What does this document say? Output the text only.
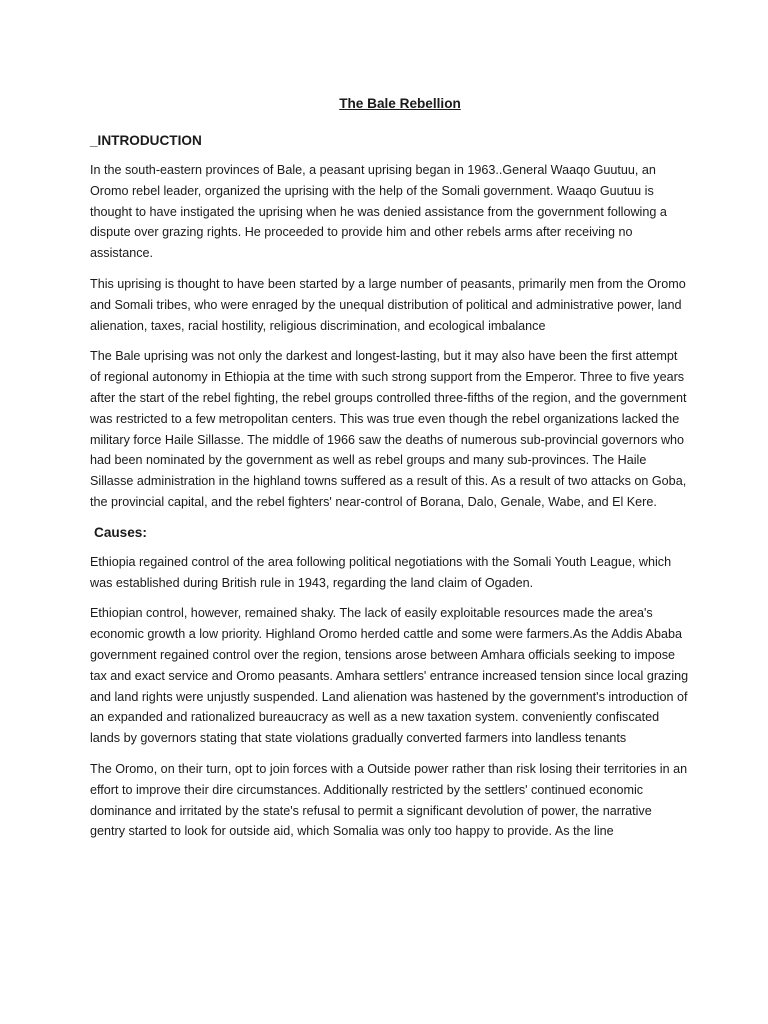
The Bale Rebellion
_INTRODUCTION

In the south-eastern provinces of Bale, a peasant uprising began in 1963..General Waaqo Guutuu, an Oromo rebel leader, organized the uprising with the help of the Somali government. Waaqo Guutuu is thought to have instigated the uprising when he was denied assistance from the government following a dispute over grazing rights. He proceeded to provide him and other rebels arms after receiving no assistance.

This uprising is thought to have been started by a large number of peasants, primarily men from the Oromo and Somali tribes, who were enraged by the unequal distribution of political and administrative power, land alienation, taxes, racial hostility, religious discrimination, and ecological imbalance

The Bale uprising was not only the darkest and longest-lasting, but it may also have been the first attempt of regional autonomy in Ethiopia at the time with such strong support from the Emperor. Three to five years after the start of the rebel fighting, the rebel groups controlled three-fifths of the region, and the government was restricted to a few metropolitan centers. This was true even though the rebel organizations lacked the military force Haile Sillasse. The middle of 1966 saw the deaths of numerous sub-provincial governors who had been nominated by the government as well as rebel groups and many sub-provinces. The Haile Sillasse administration in the highland towns suffered as a result of this. As a result of two attacks on Goba, the provincial capital, and the rebel fighters' near-control of Borana, Dalo, Genale, Wabe, and El Kere.

Causes:

Ethiopia regained control of the area following political negotiations with the Somali Youth League, which was established during British rule in 1943, regarding the land claim of Ogaden.

Ethiopian control, however, remained shaky. The lack of easily exploitable resources made the area's economic growth a low priority. Highland Oromo herded cattle and some were farmers.As the Addis Ababa government regained control over the region, tensions arose between Amhara officials seeking to impose tax and exact service and Oromo peasants. Amhara settlers' entrance increased tension since local grazing and land rights were unjustly suspended. Land alienation was hastened by the government's introduction of an expanded and rationalized bureaucracy as well as a new taxation system. conveniently confiscated lands by governors stating that state violations gradually converted farmers into landless tenants

The Oromo, on their turn, opt to join forces with a Outside power rather than risk losing their territories in an effort to improve their dire circumstances. Additionally restricted by the settlers' continued economic dominance and irritated by the state's refusal to permit a significant devolution of power, the narrative gentry started to look for outside aid, which Somalia was only too happy to provide. As the line
